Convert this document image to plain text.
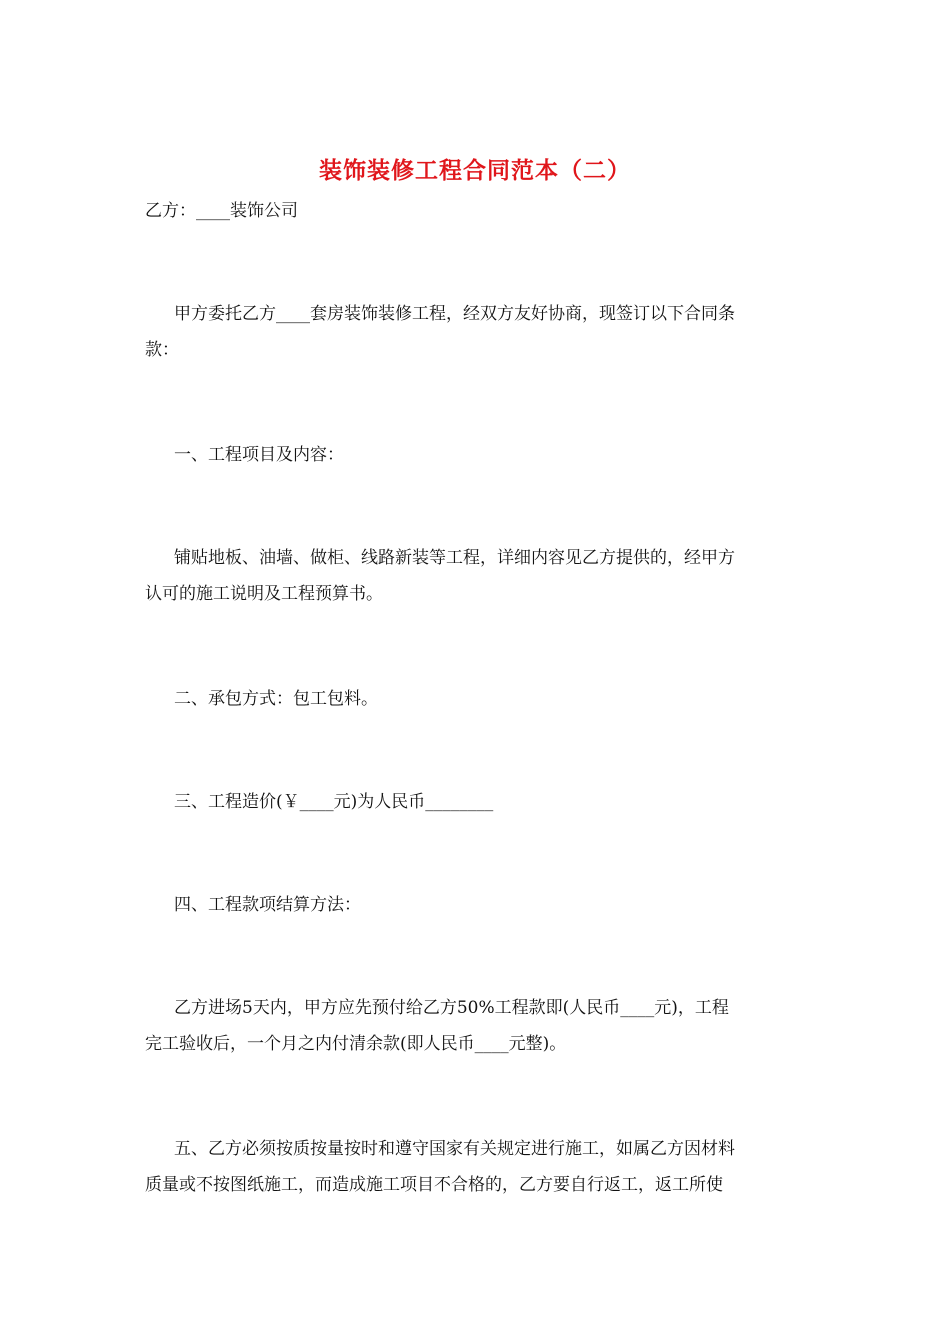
装饰装修工程合同范本（二）
乙方：____装饰公司
甲方委托乙方____套房装饰装修工程，经双方友好协商，现签订以下合同条
款：
一、工程项目及内容：
铺贴地板、油墙、做柜、线路新装等工程，详细内容见乙方提供的，经甲方
认可的施工说明及工程预算书。
二、承包方式：包工包料。
三、工程造价(￥____元)为人民币________
四、工程款项结算方法：
乙方进场5天内，甲方应先预付给乙方50%工程款即(人民币____元)，工程
完工验收后，一个月之内付清余款(即人民币____元整)。
五、乙方必须按质按量按时和遵守国家有关规定进行施工，如属乙方因材料
质量或不按图纸施工，而造成施工项目不合格的，乙方要自行返工，返工所使
